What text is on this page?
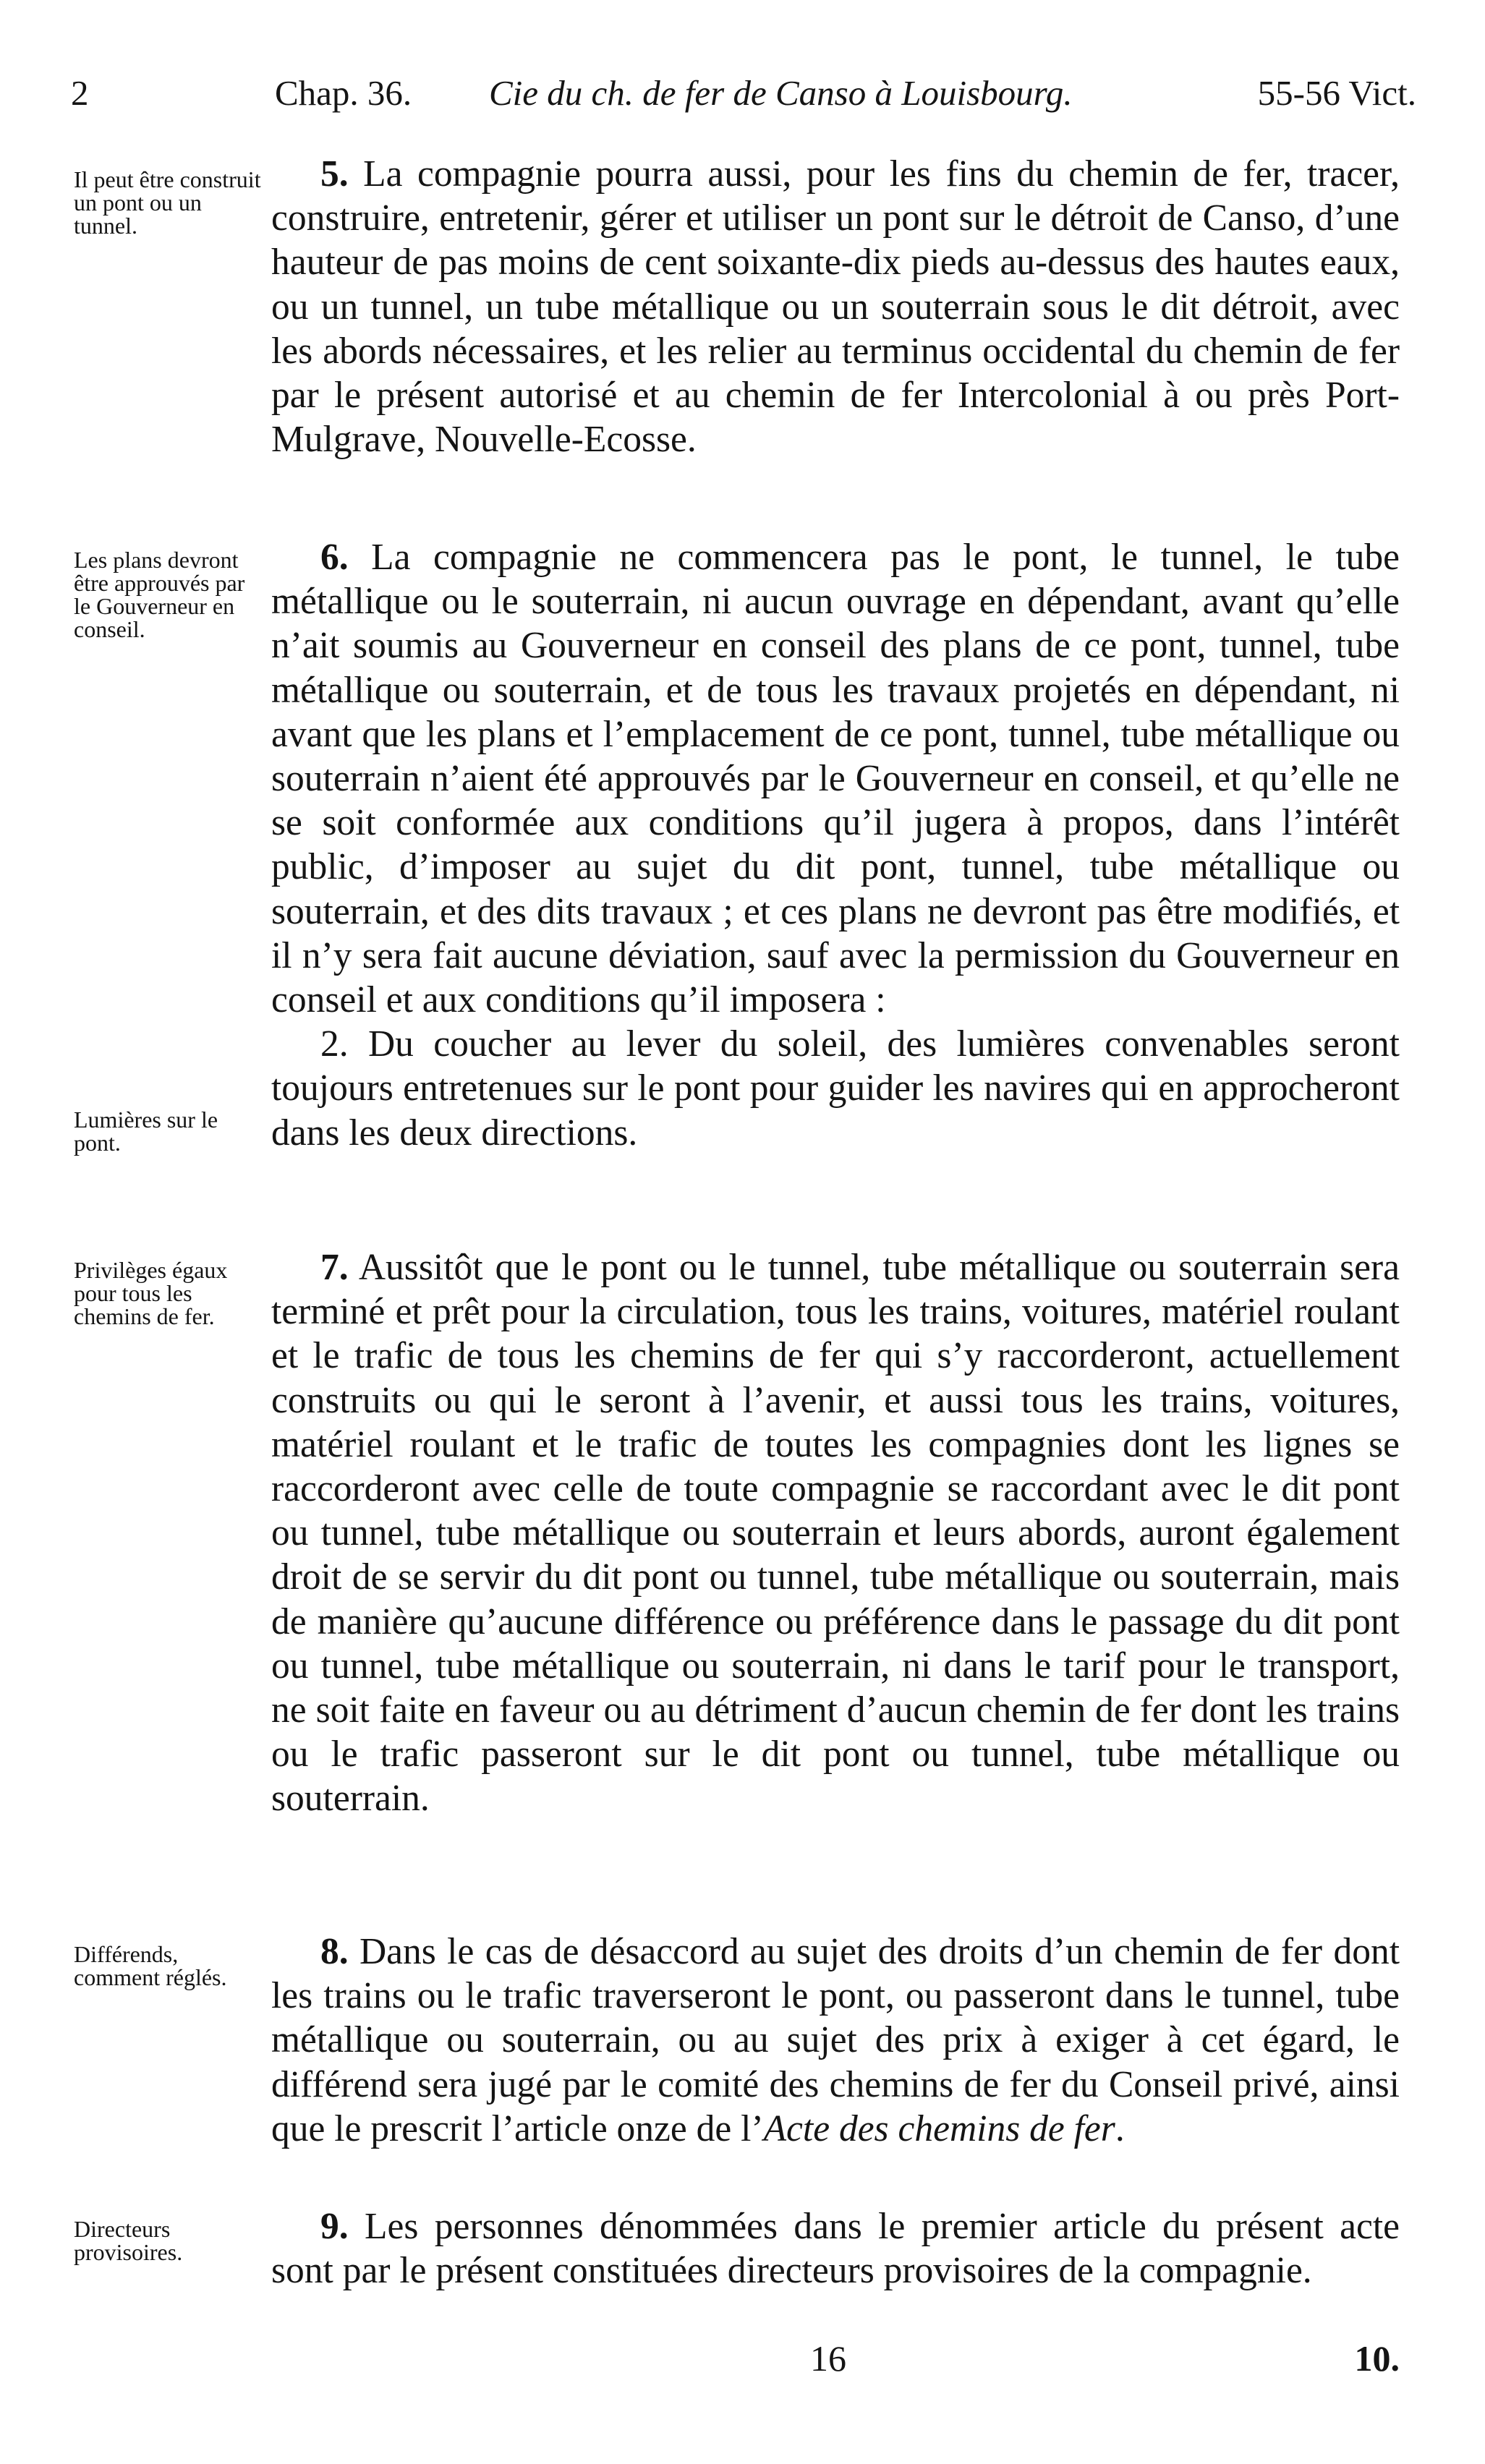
2	Chap. 36. Cie du ch. de fer de Canso à Louisbourg.	55-56 Vict.
Il peut être construit un pont ou un tunnel.
Les plans devront être approuvés par le Gouverneur en conseil.
Lumières sur le pont.
Privilèges égaux pour tous les chemins de fer.
Différends, comment réglés.
Directeurs provisoires.

5. La compagnie pourra aussi, pour les fins du chemin de fer, tracer, construire, entretenir, gérer et utiliser un pont sur le détroit de Canso, d’une hauteur de pas moins de cent soixante-dix pieds au-dessus des hautes eaux, ou un tunnel, un tube métallique ou un souterrain sous le dit détroit, avec les abords nécessaires, et les relier au terminus occidental du chemin de fer par le présent autorisé et au chemin de fer Intercolonial à ou près Port-Mulgrave, Nouvelle-Ecosse.

6. La compagnie ne commencera pas le pont, le tunnel, le tube métallique ou le souterrain, ni aucun ouvrage en dépendant, avant qu’elle n’ait soumis au Gouverneur en conseil des plans de ce pont, tunnel, tube métallique ou souterrain, et de tous les travaux projetés en dépendant, ni avant que les plans et l’emplacement de ce pont, tunnel, tube métallique ou souterrain n’aient été approuvés par le Gouverneur en conseil, et qu’elle ne se soit conformée aux conditions qu’il jugera à propos, dans l’intérêt public, d’imposer au sujet du dit pont, tunnel, tube métallique ou souterrain, et des dits travaux ; et ces plans ne devront pas être modifiés, et il n’y sera fait aucune déviation, sauf avec la permission du Gouverneur en conseil et aux conditions qu’il imposera :

2. Du coucher au lever du soleil, des lumières convenables seront toujours entretenues sur le pont pour guider les navires qui en approcheront dans les deux directions.

7. Aussitôt que le pont ou le tunnel, tube métallique ou souterrain sera terminé et prêt pour la circulation, tous les trains, voitures, matériel roulant et le trafic de tous les chemins de fer qui s’y raccorderont, actuellement construits ou qui le seront à l’avenir, et aussi tous les trains, voitures, matériel roulant et le trafic de toutes les compagnies dont les lignes se raccorderont avec celle de toute compagnie se raccordant avec le dit pont ou tunnel, tube métallique ou souterrain et leurs abords, auront également droit de se servir du dit pont ou tunnel, tube métallique ou souterrain, mais de manière qu’aucune différence ou préférence dans le passage du dit pont ou tunnel, tube métallique ou souterrain, ni dans le tarif pour le transport, ne soit faite en faveur ou au détriment d’aucun chemin de fer dont les trains ou le trafic passeront sur le dit pont ou tunnel, tube métallique ou souterrain.

8. Dans le cas de désaccord au sujet des droits d’un chemin de fer dont les trains ou le trafic traverseront le pont, ou passeront dans le tunnel, tube métallique ou souterrain, ou au sujet des prix à exiger à cet égard, le différend sera jugé par le comité des chemins de fer du Conseil privé, ainsi que le prescrit l’article onze de l’Acte des chemins de fer.

9. Les personnes dénommées dans le premier article du présent acte sont par le présent constituées directeurs provisoires de la compagnie.

16	10.
